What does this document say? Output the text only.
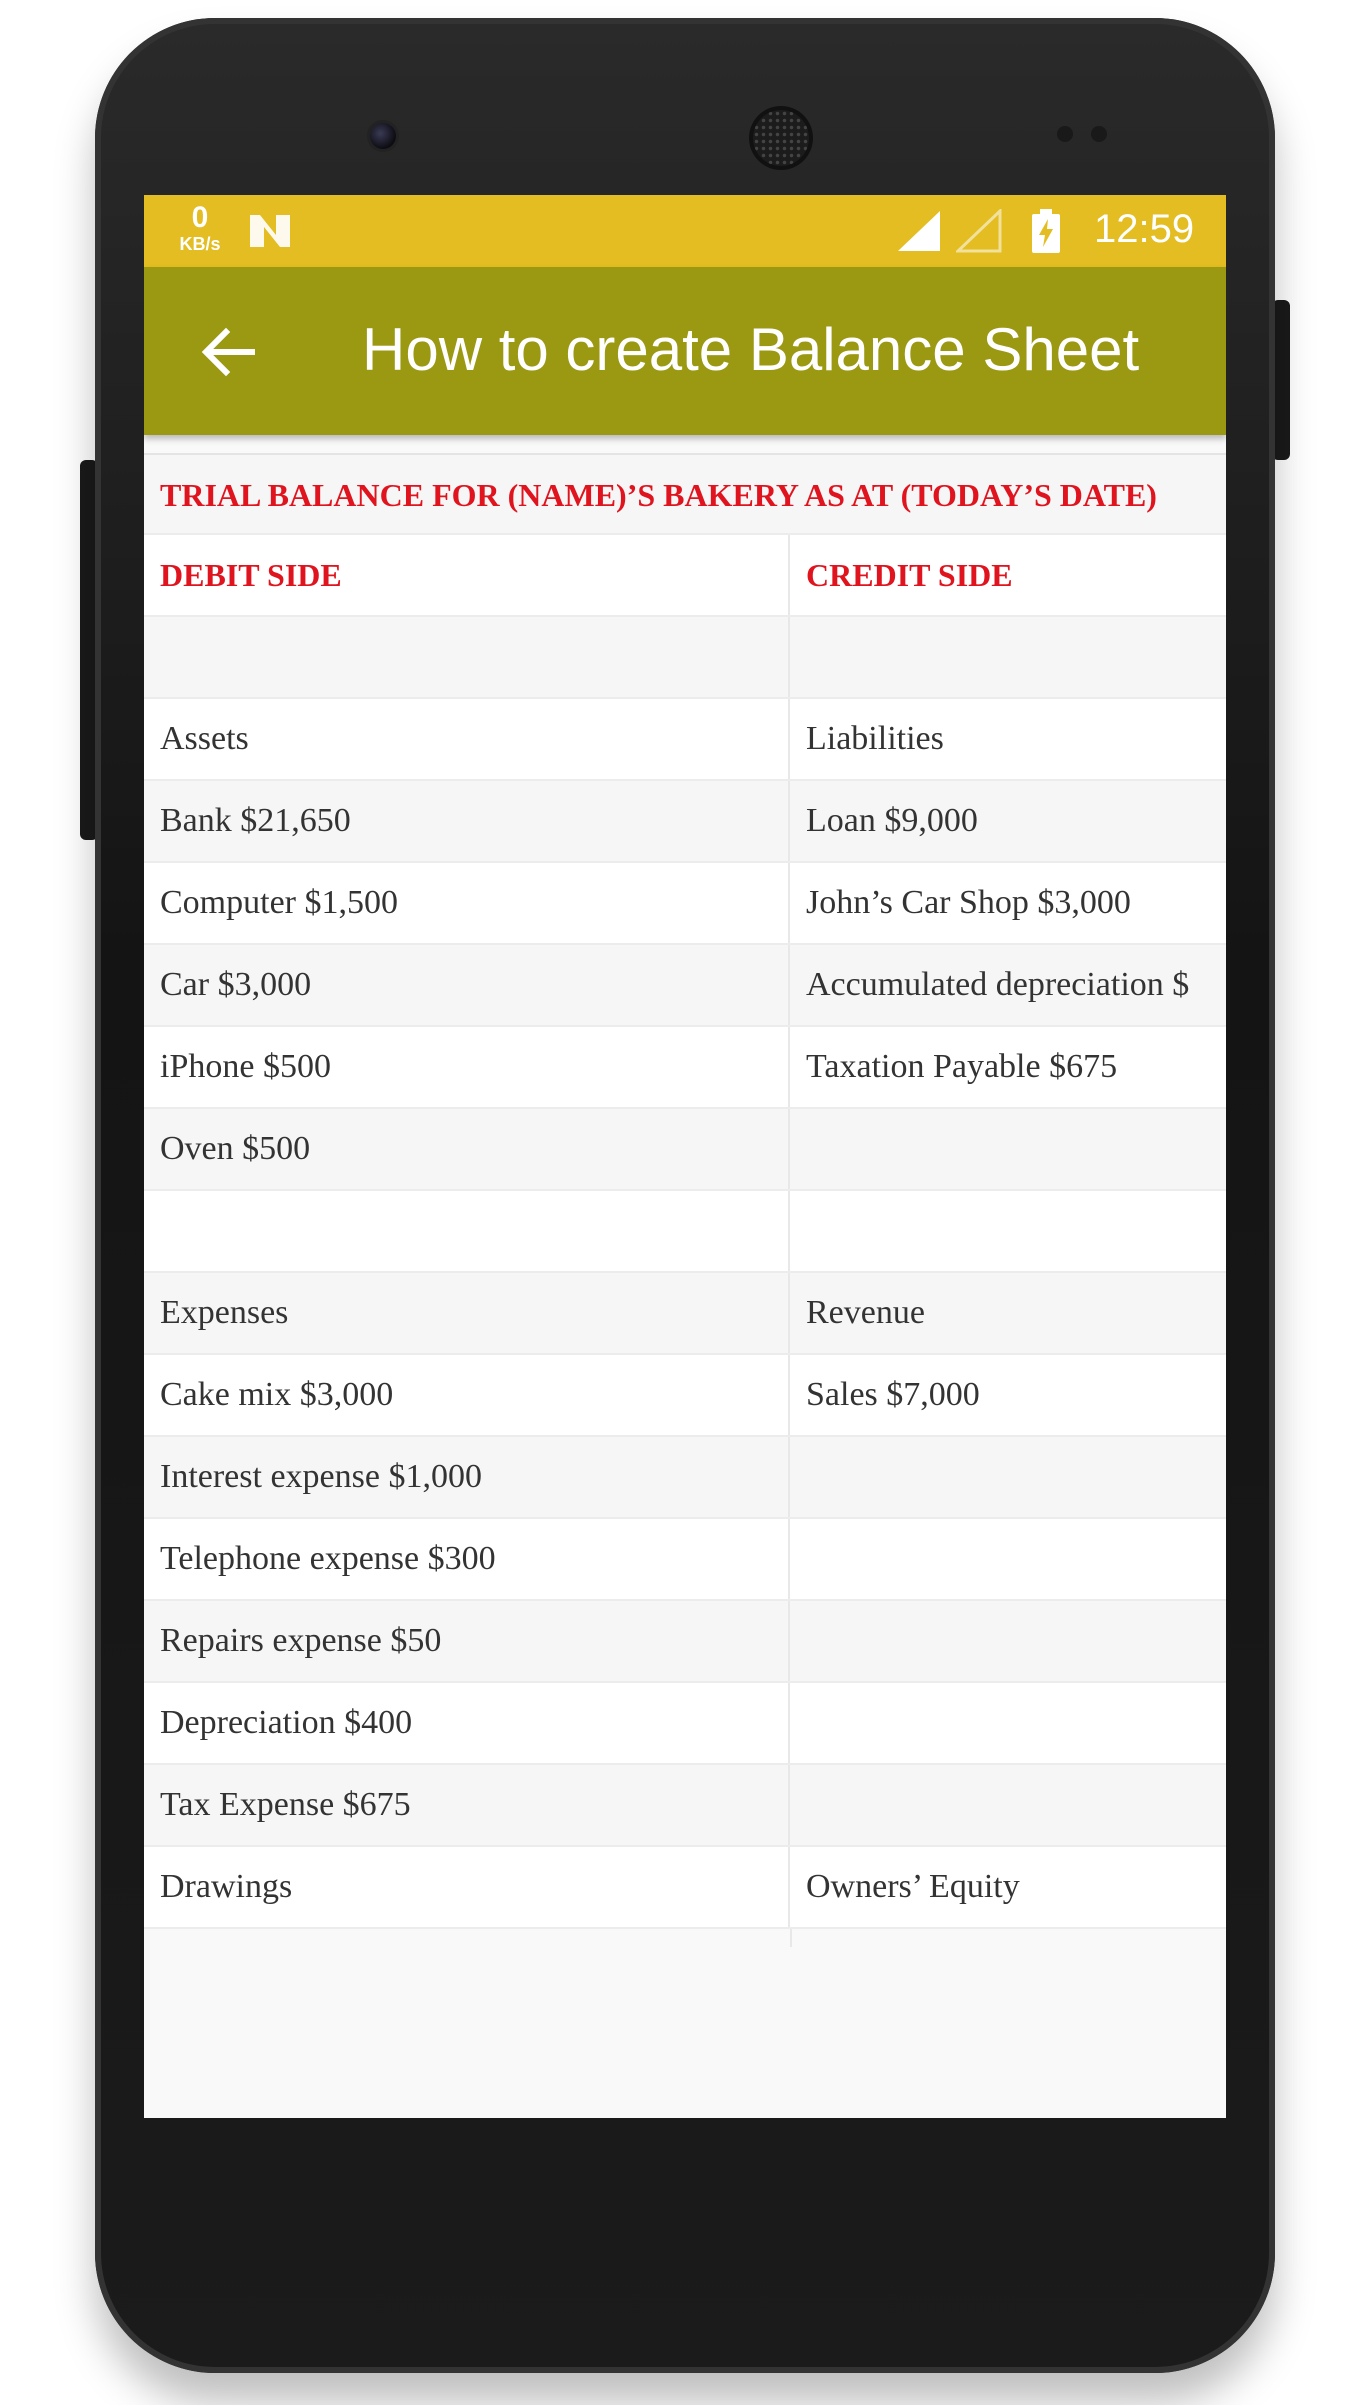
0
KB/s	12:59
How to create Balance Sheet
TRIAL BALANCE FOR (NAME)’S BAKERY AS AT (TODAY’S DATE)
DEBIT SIDE	CREDIT SIDE
Assets	Liabilities
Bank $21,650	Loan $9,000
Computer $1,500	John’s Car Shop $3,000
Car $3,000	Accumulated depreciation $
iPhone $500	Taxation Payable $675
Oven $500
Expenses	Revenue
Cake mix $3,000	Sales $7,000
Interest expense $1,000
Telephone expense $300
Repairs expense $50
Depreciation $400
Tax Expense $675
Drawings	Owners’ Equity
